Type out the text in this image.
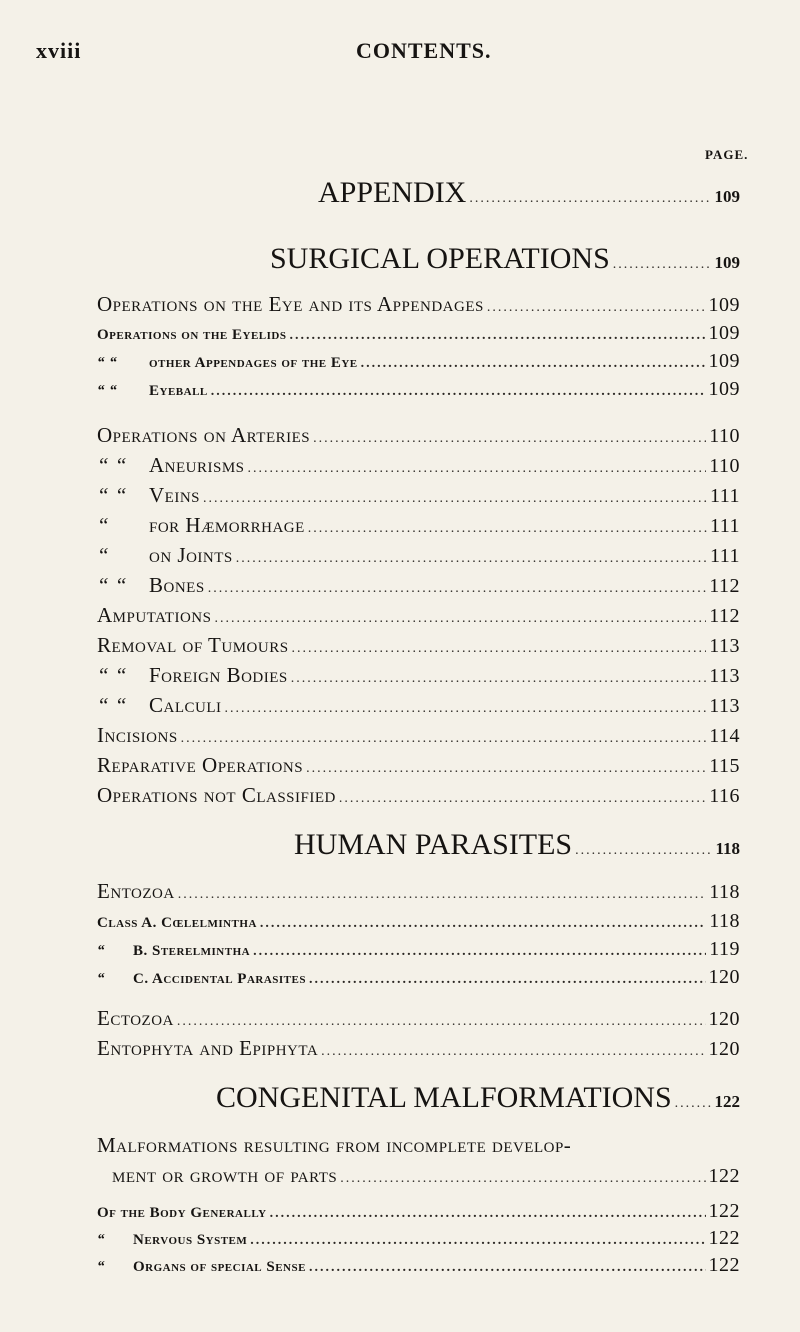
xviii	CONTENTS.
PAGE.
APPENDIX .....	109
SURGICAL OPERATIONS .....	109
Operations on the Eye and its Appendages .....	109
Operations on the Eyelids .....	109
“ “ other Appendages of the Eye .....	109
“ “ Eyeball .....	109
Operations on Arteries .....	110
“ “ Aneurisms .....	110
“ “ Veins .....	111
“ for Hæmorrhage .....	111
“ on Joints .....	111
“ “ Bones .....	112
Amputations .....	112
Removal of Tumours .....	113
“ “ Foreign Bodies .....	113
“ “ Calculi .....	113
Incisions .....	114
Reparative Operations .....	115
Operations not Classified .....	116
HUMAN PARASITES .....	118
Entozoa .....	118
Class A. Cœlelmintha .....	118
“ B. Sterelmintha .....	119
“ C. Accidental Parasites .....	120
Ectozoa .....	120
Entophyta and Epiphyta .....	120
CONGENITAL MALFORMATIONS .....	122
Malformations resulting from incomplete develop-
ment or growth of parts .....	122
Of the Body Generally .....	122
“ Nervous System .....	122
“ Organs of special Sense .....	122
